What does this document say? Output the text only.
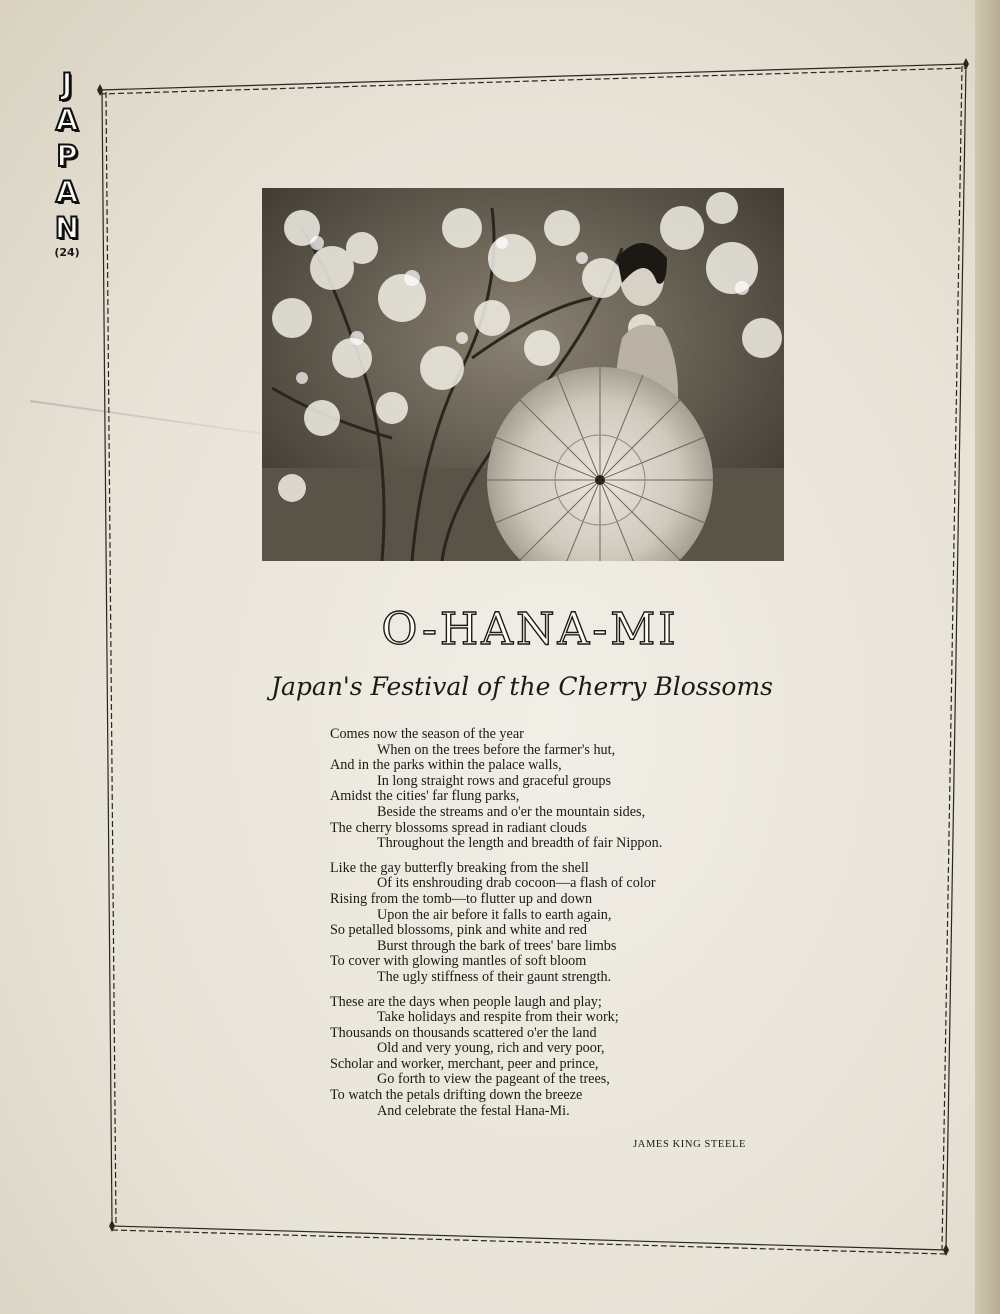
J
A
P
A
N
(24)
O-HANA-MI
Japan's Festival of the Cherry Blossoms
Comes now the season of the year
When on the trees before the farmer's hut,
And in the parks within the palace walls,
In long straight rows and graceful groups
Amidst the cities' far flung parks,
Beside the streams and o'er the mountain sides,
The cherry blossoms spread in radiant clouds
Throughout the length and breadth of fair Nippon.
Like the gay butterfly breaking from the shell
Of its enshrouding drab cocoon—a flash of color
Rising from the tomb—to flutter up and down
Upon the air before it falls to earth again,
So petalled blossoms, pink and white and red
Burst through the bark of trees' bare limbs
To cover with glowing mantles of soft bloom
The ugly stiffness of their gaunt strength.
These are the days when people laugh and play;
Take holidays and respite from their work;
Thousands on thousands scattered o'er the land
Old and very young, rich and very poor,
Scholar and worker, merchant, peer and prince,
Go forth to view the pageant of the trees,
To watch the petals drifting down the breeze
And celebrate the festal Hana-Mi.
JAMES KING STEELE
